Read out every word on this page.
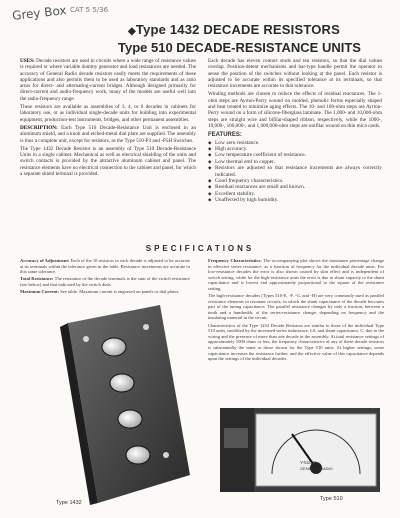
Grey Box CAT 5 5/36
◆Type 1432 DECADE RESISTORS
Type 510 DECADE-RESISTANCE UNITS

USES: Decade resistors are used in circuits where a wide range of resistance values is required or where variable dummy generator and load resistances are needed. The accuracy of General Radio decade resistors easily meets the requirements of these applications and also permits them to be used as laboratory standards and as ratio arms for direct- and alternating-current bridges. Although designed primarily for direct-current and audio-frequency work, many of the models are useful well into the radio-frequency range.

These resistors are available as assemblies of 3, 4, or 6 decades in cabinets for laboratory use, or as individual single-decade units for building into experimental equipment, production-test instruments, bridges, and other permanent assemblies.

DESCRIPTION: Each Type 510 Decade-Resistance Unit is enclosed in an aluminum shield, and a knob and etched-metal dial plate are supplied. The assembly is thus a complete unit, except for resistors, as the Type 510-P3 and -P5H Switches.

The Type 1432 Decade Resistor is an assembly of Type 510 Decade-Resistance Units in a single cabinet. Mechanical as well as electrical shielding of the units and switch contacts is provided by the attractive aluminum cabinet and panel. The resistance elements have no electrical connection to the cabinet and panel, for which a separate shield terminal is provided.

Each decade has eleven contact studs and ten resistors, so that the dial values overlap. Position-detent mechanisms and bar-type handle permit the operator to sense the position of the switches without looking at the panel. Each resistor is adjusted to be accurate within its specified tolerance at its terminals, so that resistance increments are accurate to that tolerance.

Winding methods are chosen to reduce the effects of residual reactances. The 1-ohm steps are Ayrton-Perry wound on molded, phenolic forms especially shaped and heat treated to minimize aging effects. The 10- and 100-ohm steps are Ayrton-Perry wound on a form of silicone-fiberglass laminate. The 1,000- and 10,000-ohm steps are straight wire and bifilar-shaped ribbon, respectively, while the 1000-, 10,000-, 100,000-, and 1,000,000-ohm steps are unifilar wound on thin mica cards.

FEATURES:
◆ Low zero resistance.
◆ High accuracy.
◆ Low temperature coefficient of resistance.
◆ Low thermal emf to copper.
◆ Resistors are adjusted so that resistance increments are always correctly indicated.
◆ Good frequency characteristics.
◆ Residual reactances are small and known.
◆ Excellent stability.
◆ Unaffected by high humidity.
SPECIFICATIONS

Accuracy of Adjustment: Each of the 10 resistors in each decade is adjusted to be accurate at its terminals within the tolerance given in the table. Resistance increments are accurate to this same tolerance.

Total Resistance: The resistance of the decade terminals is the sum of the switch resistance (see below) and that indicated by the switch dials.

Maximum Current: See table. Maximum current is engraved on panels or dial plates.

Frequency Characteristics: The accompanying plot shows the maximum percentage change in effective series resistance, as a function of frequency for the individual decade units. For low-resistance decades the error is also shown caused by skin effect and is independent of switch setting, while for the high-resistance units the error is due to shunt capacity to the shunt capacitance and is lowest and approximately proportional to the square of the resistance setting.

The high-resistance decades (Types 510-E, -F, -G, and -H) are very commonly used as parallel resistance elements in resonant circuits, in which the shunt capacitance of the decade becomes part of the tuning capacitance. The parallel resistance changes by only a fraction, between a tenth and a hundredth, of the series-resistance change, depending on frequency and the insulating material in the circuit.

Characteristics of the Type 1432 Decade Resistors are similar to those of the individual Type 510 units, modified by the increased series inductance, L0, and shunt capacitance, C, due to the wiring and the presence of more than one decade in the assembly. At total resistance settings of approximately 1000 ohms or less, the frequency characteristics of any of these decade resistors is substantially the same as those shown for the Type 510 units. At higher settings, some capacitance increases the resistance further, and the effective value of this capacitance depends upon the settings of the individual decades.

Type 1432
Y-510-D
GENERAL RADIO
Type 510
